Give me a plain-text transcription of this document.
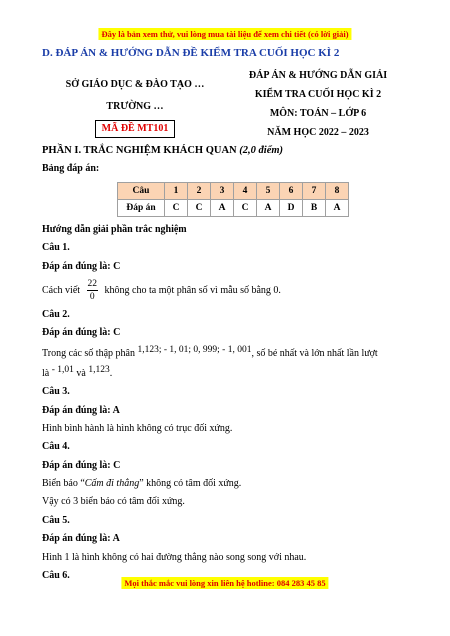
Đây là bản xem thử, vui lòng mua tài liệu để xem chi tiết (có lời giải)
D. ĐÁP ÁN & HƯỚNG DẪN ĐỀ KIỂM TRA CUỐI HỌC KÌ 2
SỞ GIÁO DỤC & ĐÀO TẠO …
TRƯỜNG …
MÃ ĐỀ MT101
ĐÁP ÁN & HƯỚNG DẪN GIẢI
KIỂM TRA CUỐI HỌC KÌ 2
MÔN: TOÁN – LỚP 6
NĂM HỌC 2022 – 2023
PHẦN I. TRẮC NGHIỆM KHÁCH QUAN (2,0 điểm)
Bảng đáp án:
Câu	1	2	3	4	5	6	7	8
Đáp án	C	C	A	C	A	D	B	A
Hướng dẫn giải phần trắc nghiệm
Câu 1.
Đáp án đúng là: C
Cách viết $\frac{22}{0}$ không cho ta một phân số vì mẫu số bằng 0.
Câu 2.
Đáp án đúng là: C
Trong các số thập phân 1,123; - 1, 01; 0, 999; - 1, 001, số bé nhất và lớn nhất lần lượt
là - 1,01 và 1,123.
Câu 3.
Đáp án đúng là: A
Hình bình hành là hình không có trục đối xứng.
Câu 4.
Đáp án đúng là: C
Biển báo “Cấm đi thẳng” không có tâm đối xứng.
Vậy có 3 biển báo có tâm đối xứng.
Câu 5.
Đáp án đúng là: A
Hình 1 là hình không có hai đường thẳng nào song song với nhau.
Câu 6.
Mọi thắc mắc vui lòng xin liên hệ hotline: 084 283 45 85
